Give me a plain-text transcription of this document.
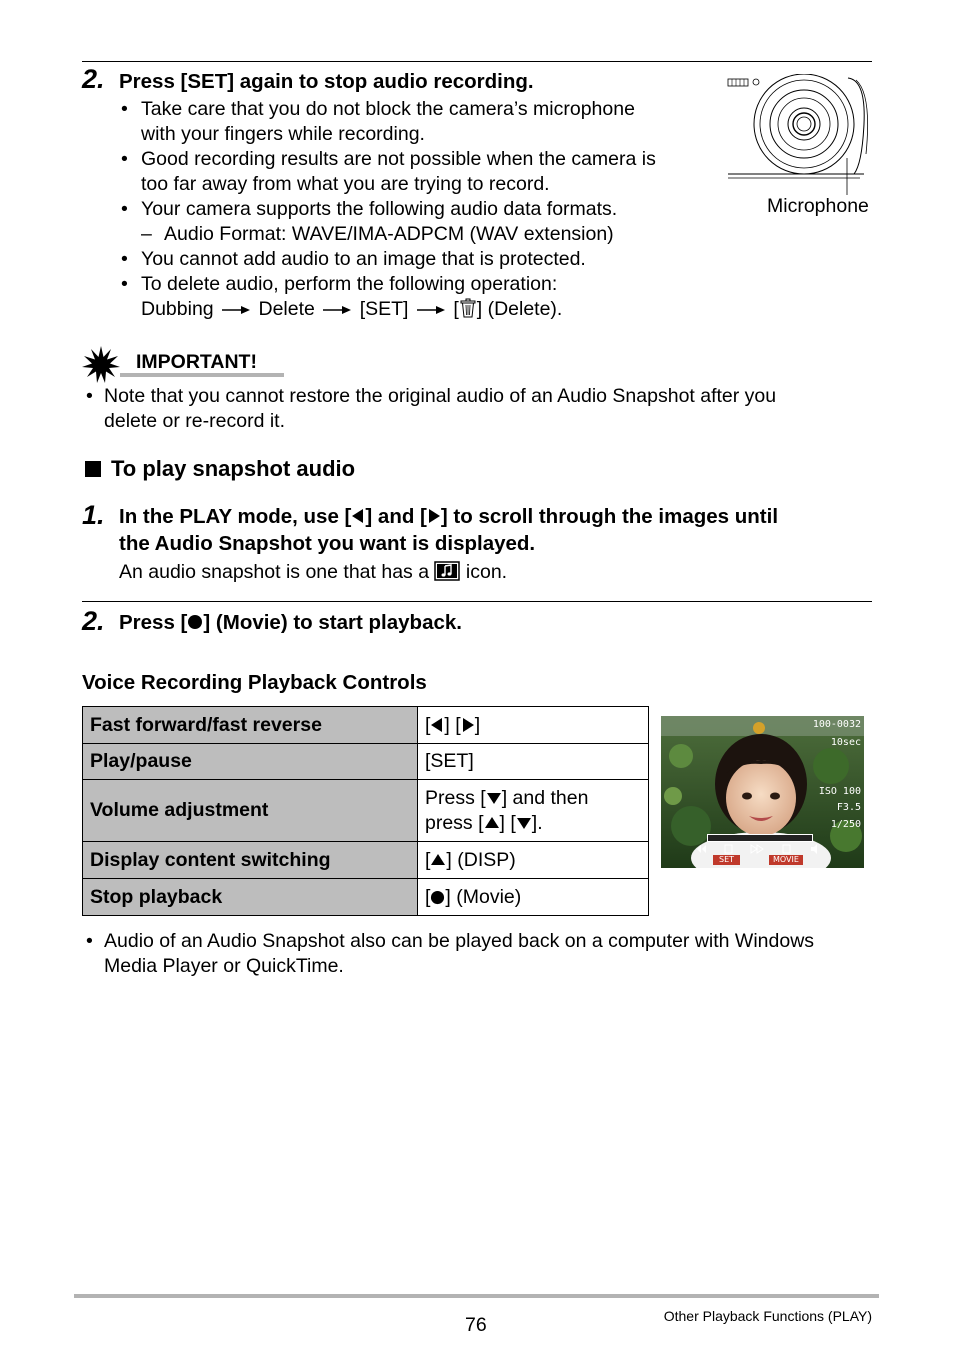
2. Press [SET] again to stop audio recording.
• Take care that you do not block the camera’s microphone
with your fingers while recording.
• Good recording results are not possible when the camera is
too far away from what you are trying to record.
• Your camera supports the following audio data formats.
– Audio Format: WAVE/IMA-ADPCM (WAV extension)
• You cannot add audio to an image that is protected.
• To delete audio, perform the following operation:
Dubbing Delete [SET] [ ] (Delete).
Microphone
IMPORTANT!
• Note that you cannot restore the original audio of an Audio Snapshot after you
delete or re-record it.
To play snapshot audio
1. In the PLAY mode, use [ ] and [ ] to scroll through the images until
the Audio Snapshot you want is displayed.
An audio snapshot is one that has a icon.
2. Press [ ] (Movie) to start playback.
Voice Recording Playback Controls
Fast forward/fast reverse	[ ] [ ]
Play/pause	[SET]
Volume adjustment	Press [ ] and then
press [ ] [ ].
Display content switching	[ ] (DISP)
Stop playback	[ ] (Movie)
100-0032
10sec
ISO 100
F3.5
1/250
SET	MOVIE
• Audio of an Audio Snapshot also can be played back on a computer with Windows
Media Player or QuickTime.
76	Other Playback Functions (PLAY)
